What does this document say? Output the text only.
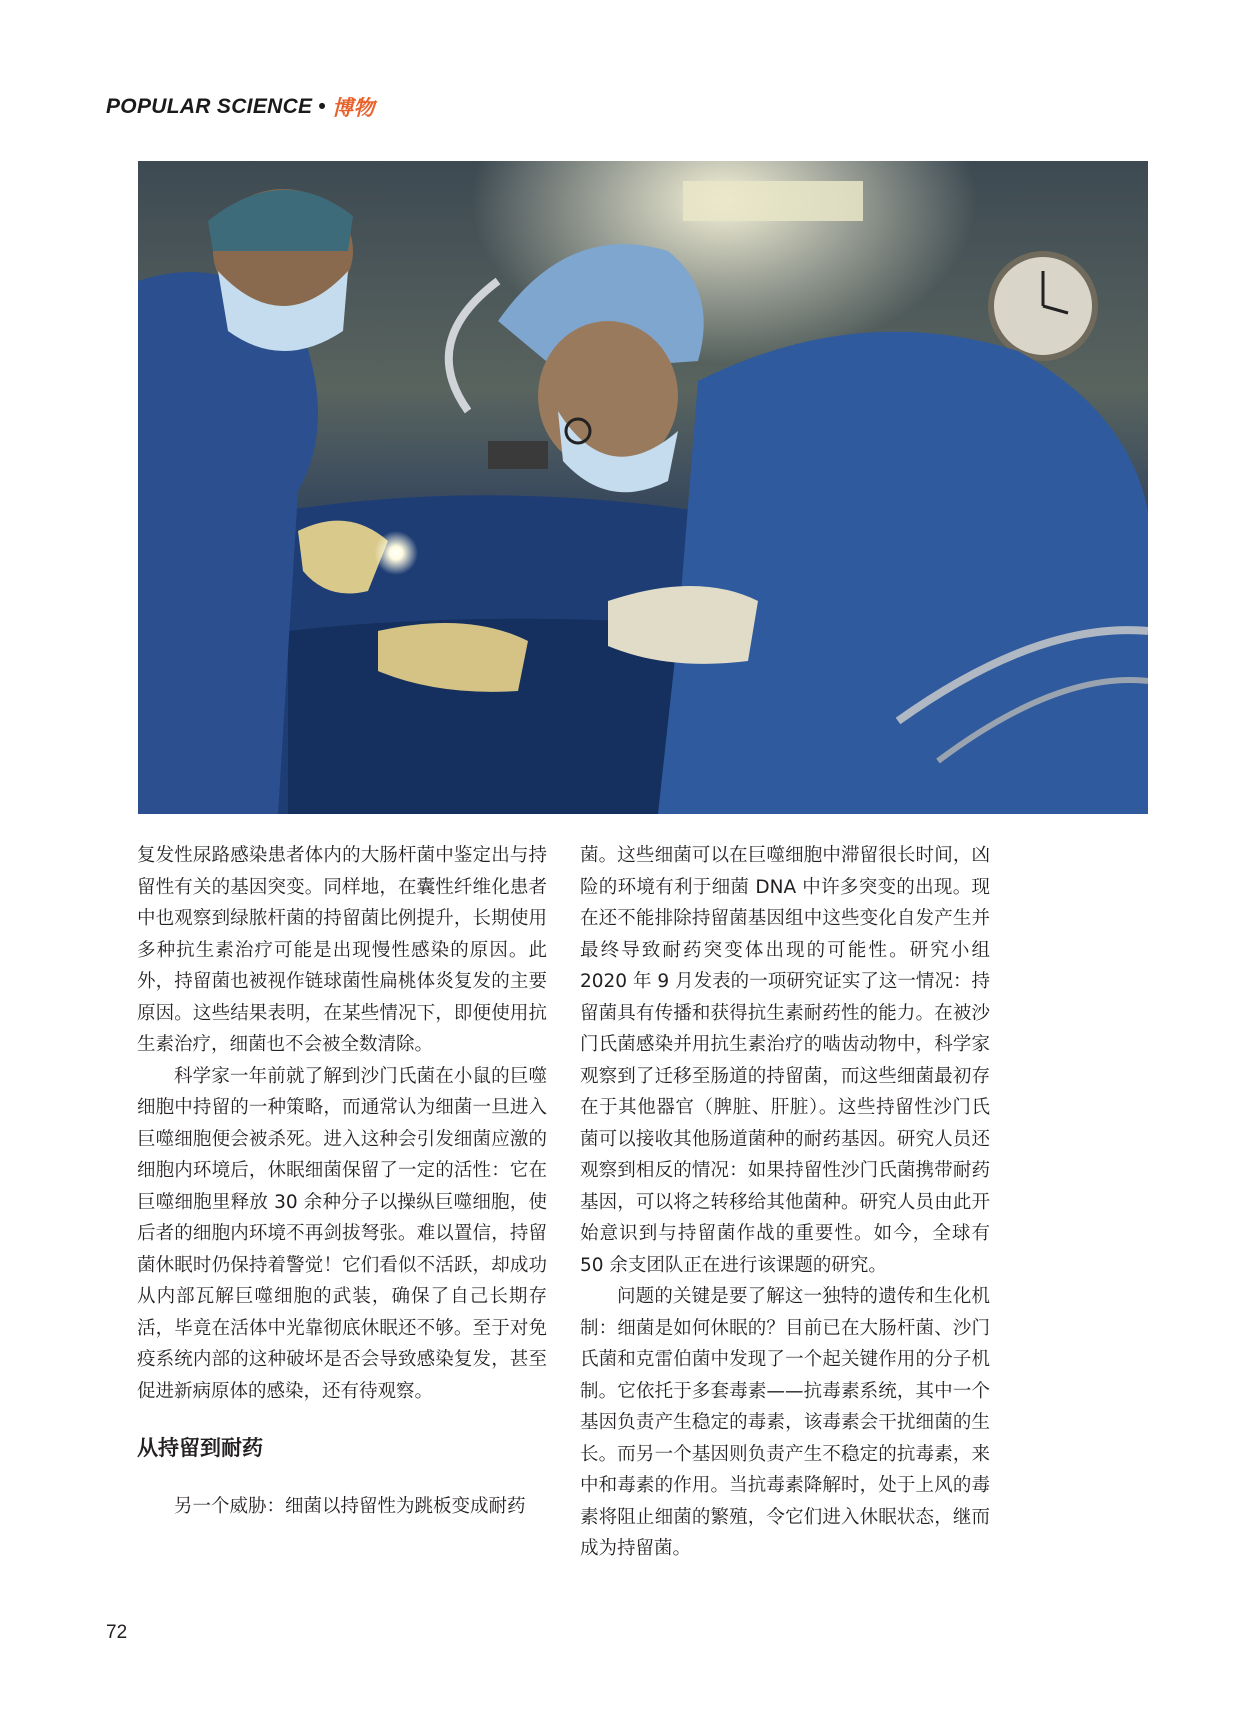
POPULAR SCIENCE • 博物

复发性尿路感染患者体内的大肠杆菌中鉴定出与持留性有关的基因突变。同样地，在囊性纤维化患者中也观察到绿脓杆菌的持留菌比例提升，长期使用多种抗生素治疗可能是出现慢性感染的原因。此外，持留菌也被视作链球菌性扁桃体炎复发的主要原因。这些结果表明，在某些情况下，即便使用抗生素治疗，细菌也不会被全数清除。

科学家一年前就了解到沙门氏菌在小鼠的巨噬细胞中持留的一种策略，而通常认为细菌一旦进入巨噬细胞便会被杀死。进入这种会引发细菌应激的细胞内环境后，休眠细菌保留了一定的活性：它在巨噬细胞里释放 30 余种分子以操纵巨噬细胞，使后者的细胞内环境不再剑拔弩张。难以置信，持留菌休眠时仍保持着警觉！它们看似不活跃，却成功从内部瓦解巨噬细胞的武装，确保了自己长期存活，毕竟在活体中光靠彻底休眠还不够。至于对免疫系统内部的这种破坏是否会导致感染复发，甚至促进新病原体的感染，还有待观察。

从持留到耐药

另一个威胁：细菌以持留性为跳板变成耐药

菌。这些细菌可以在巨噬细胞中滞留很长时间，凶险的环境有利于细菌 DNA 中许多突变的出现。现在还不能排除持留菌基因组中这些变化自发产生并最终导致耐药突变体出现的可能性。研究小组 2020 年 9 月发表的一项研究证实了这一情况：持留菌具有传播和获得抗生素耐药性的能力。在被沙门氏菌感染并用抗生素治疗的啮齿动物中，科学家观察到了迁移至肠道的持留菌，而这些细菌最初存在于其他器官（脾脏、肝脏）。这些持留性沙门氏菌可以接收其他肠道菌种的耐药基因。研究人员还观察到相反的情况：如果持留性沙门氏菌携带耐药基因，可以将之转移给其他菌种。研究人员由此开始意识到与持留菌作战的重要性。如今，全球有 50 余支团队正在进行该课题的研究。

问题的关键是要了解这一独特的遗传和生化机制：细菌是如何休眠的？目前已在大肠杆菌、沙门氏菌和克雷伯菌中发现了一个起关键作用的分子机制。它依托于多套毒素——抗毒素系统，其中一个基因负责产生稳定的毒素，该毒素会干扰细菌的生长。而另一个基因则负责产生不稳定的抗毒素，来中和毒素的作用。当抗毒素降解时，处于上风的毒素将阻止细菌的繁殖，令它们进入休眠状态，继而成为持留菌。

72
